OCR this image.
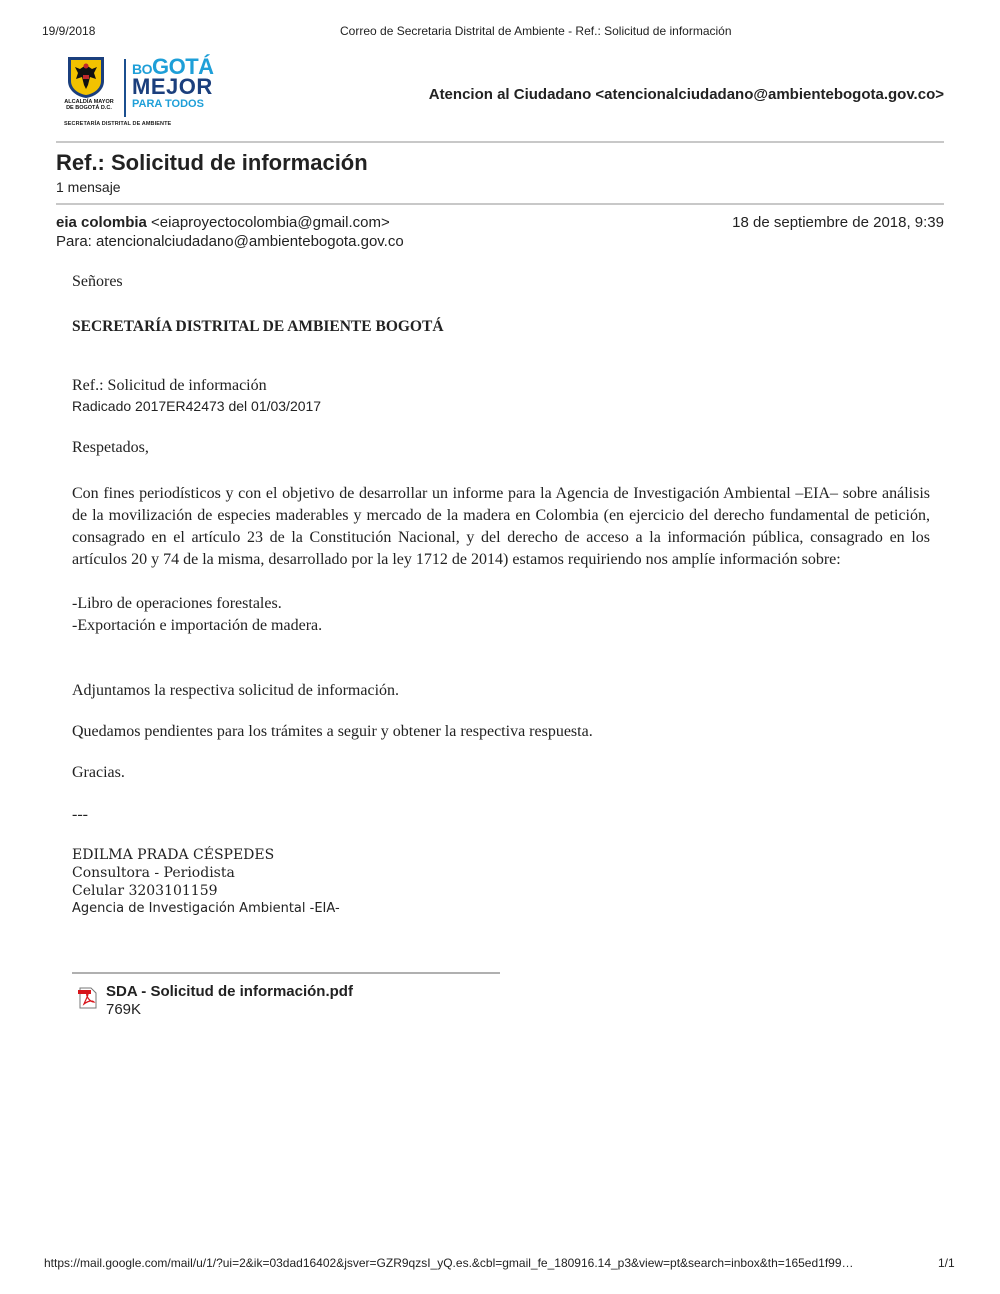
19/9/2018	Correo de Secretaria Distrital de Ambiente - Ref.: Solicitud de información
ALCALDÍA MAYOR
DE BOGOTÁ D.C.
BOGOTÁ
MEJOR
PARA TODOS
SECRETARÍA DISTRITAL DE AMBIENTE
Atencion al Ciudadano <atencionalciudadano@ambientebogota.gov.co>
Ref.: Solicitud de información
1 mensaje
eia colombia <eiaproyectocolombia@gmail.com>	18 de septiembre de 2018, 9:39
Para: atencionalciudadano@ambientebogota.gov.co

Señores

SECRETARÍA DISTRITAL DE AMBIENTE BOGOTÁ

Ref.: Solicitud de información

Radicado 2017ER42473 del 01/03/2017

Respetados,

Con fines periodísticos y con el objetivo de desarrollar un informe para la Agencia de Investigación Ambiental –EIA– sobre análisis de la movilización de especies maderables y mercado de la madera en Colombia (en ejercicio del derecho fundamental de petición, consagrado en el artículo 23 de la Constitución Nacional, y del derecho de acceso a la información pública, consagrado en los artículos 20 y 74 de la misma, desarrollado por la ley 1712 de 2014) estamos requiriendo nos amplíe información sobre:

-Libro de operaciones forestales.

-Exportación e importación de madera.

Adjuntamos la respectiva solicitud de información.

Quedamos pendientes para los trámites a seguir y obtener la respectiva respuesta.

Gracias.

---

EDILMA PRADA CÉSPEDES
Consultora - Periodista
Celular 3203101159
Agencia de Investigación Ambiental -EIA-
SDA - Solicitud de información.pdf
769K
https://mail.google.com/mail/u/1/?ui=2&ik=03dad16402&jsver=GZR9qzsI_yQ.es.&cbl=gmail_fe_180916.14_p3&view=pt&search=inbox&th=165ed1f99…	1/1
